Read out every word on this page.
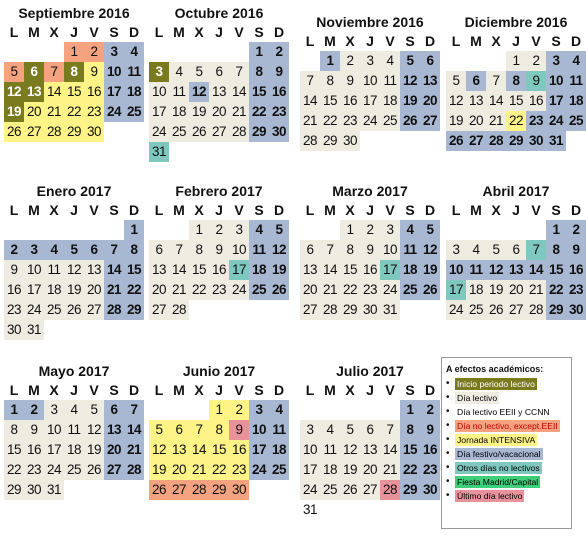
Septiembre 2016
L M X J V S D
1 2 3 4
5 6 7 8 9 10 11
12 13 14 15 16 17 18
19 20 21 22 23 24 25
26 27 28 29 30
Octubre 2016
L M X J V S D
1 2
3 4 5 6 7 8 9
10 11 12 13 14 15 16
17 18 19 20 21 22 23
24 25 26 27 28 29 30
31
Noviembre 2016
L M X J V S D
1 2 3 4 5 6
7 8 9 10 11 12 13
14 15 16 17 18 19 20
21 22 23 24 25 26 27
28 29 30
Diciembre 2016
L M X J V S D
1 2 3 4
5 6 7 8 9 10 11
12 13 14 15 16 17 18
19 20 21 22 23 24 25
26 27 28 29 30 31
Enero 2017
L M X J V S D
1
2 3 4 5 6 7 8
9 10 11 12 13 14 15
16 17 18 19 20 21 22
23 24 25 26 27 28 29
30 31
Febrero 2017
L M X J V S D
1 2 3 4 5
6 7 8 9 10 11 12
13 14 15 16 17 18 19
20 21 22 23 24 25 26
27 28
Marzo 2017
L M X J V S D
1 2 3 4 5
6 7 8 9 10 11 12
13 14 15 16 17 18 19
20 21 22 23 24 25 26
27 28 29 30 31
Abril 2017
L M X J V S D
1 2
3 4 5 6 7 8 9
10 11 12 13 14 15 16
17 18 19 20 21 22 23
24 25 26 27 28 29 30
Mayo 2017
L M X J V S D
1 2 3 4 5 6 7
8 9 10 11 12 13 14
15 16 17 18 19 20 21
22 23 24 25 26 27 28
29 30 31
Junio 2017
L M X J V S D
1 2 3 4
5 6 7 8 9 10 11
12 13 14 15 16 17 18
19 20 21 22 23 24 25
26 27 28 29 30
Julio 2017
L M X J V S D
1 2
3 4 5 6 7 8 9
10 11 12 13 14 15 16
17 18 19 20 21 22 23
24 25 26 27 28 29 30
31
A efectos académicos:
• Inicio periodo lectivo
• Día lectivo
• Día lectivo EEII y CCNN
• Día no lectivo, except.EEII
• Jornada INTENSIVA
• Día festivo/vacacional
• Otros días no lectivos
• Fiesta Madrid/Capital
• Último día lectivo
